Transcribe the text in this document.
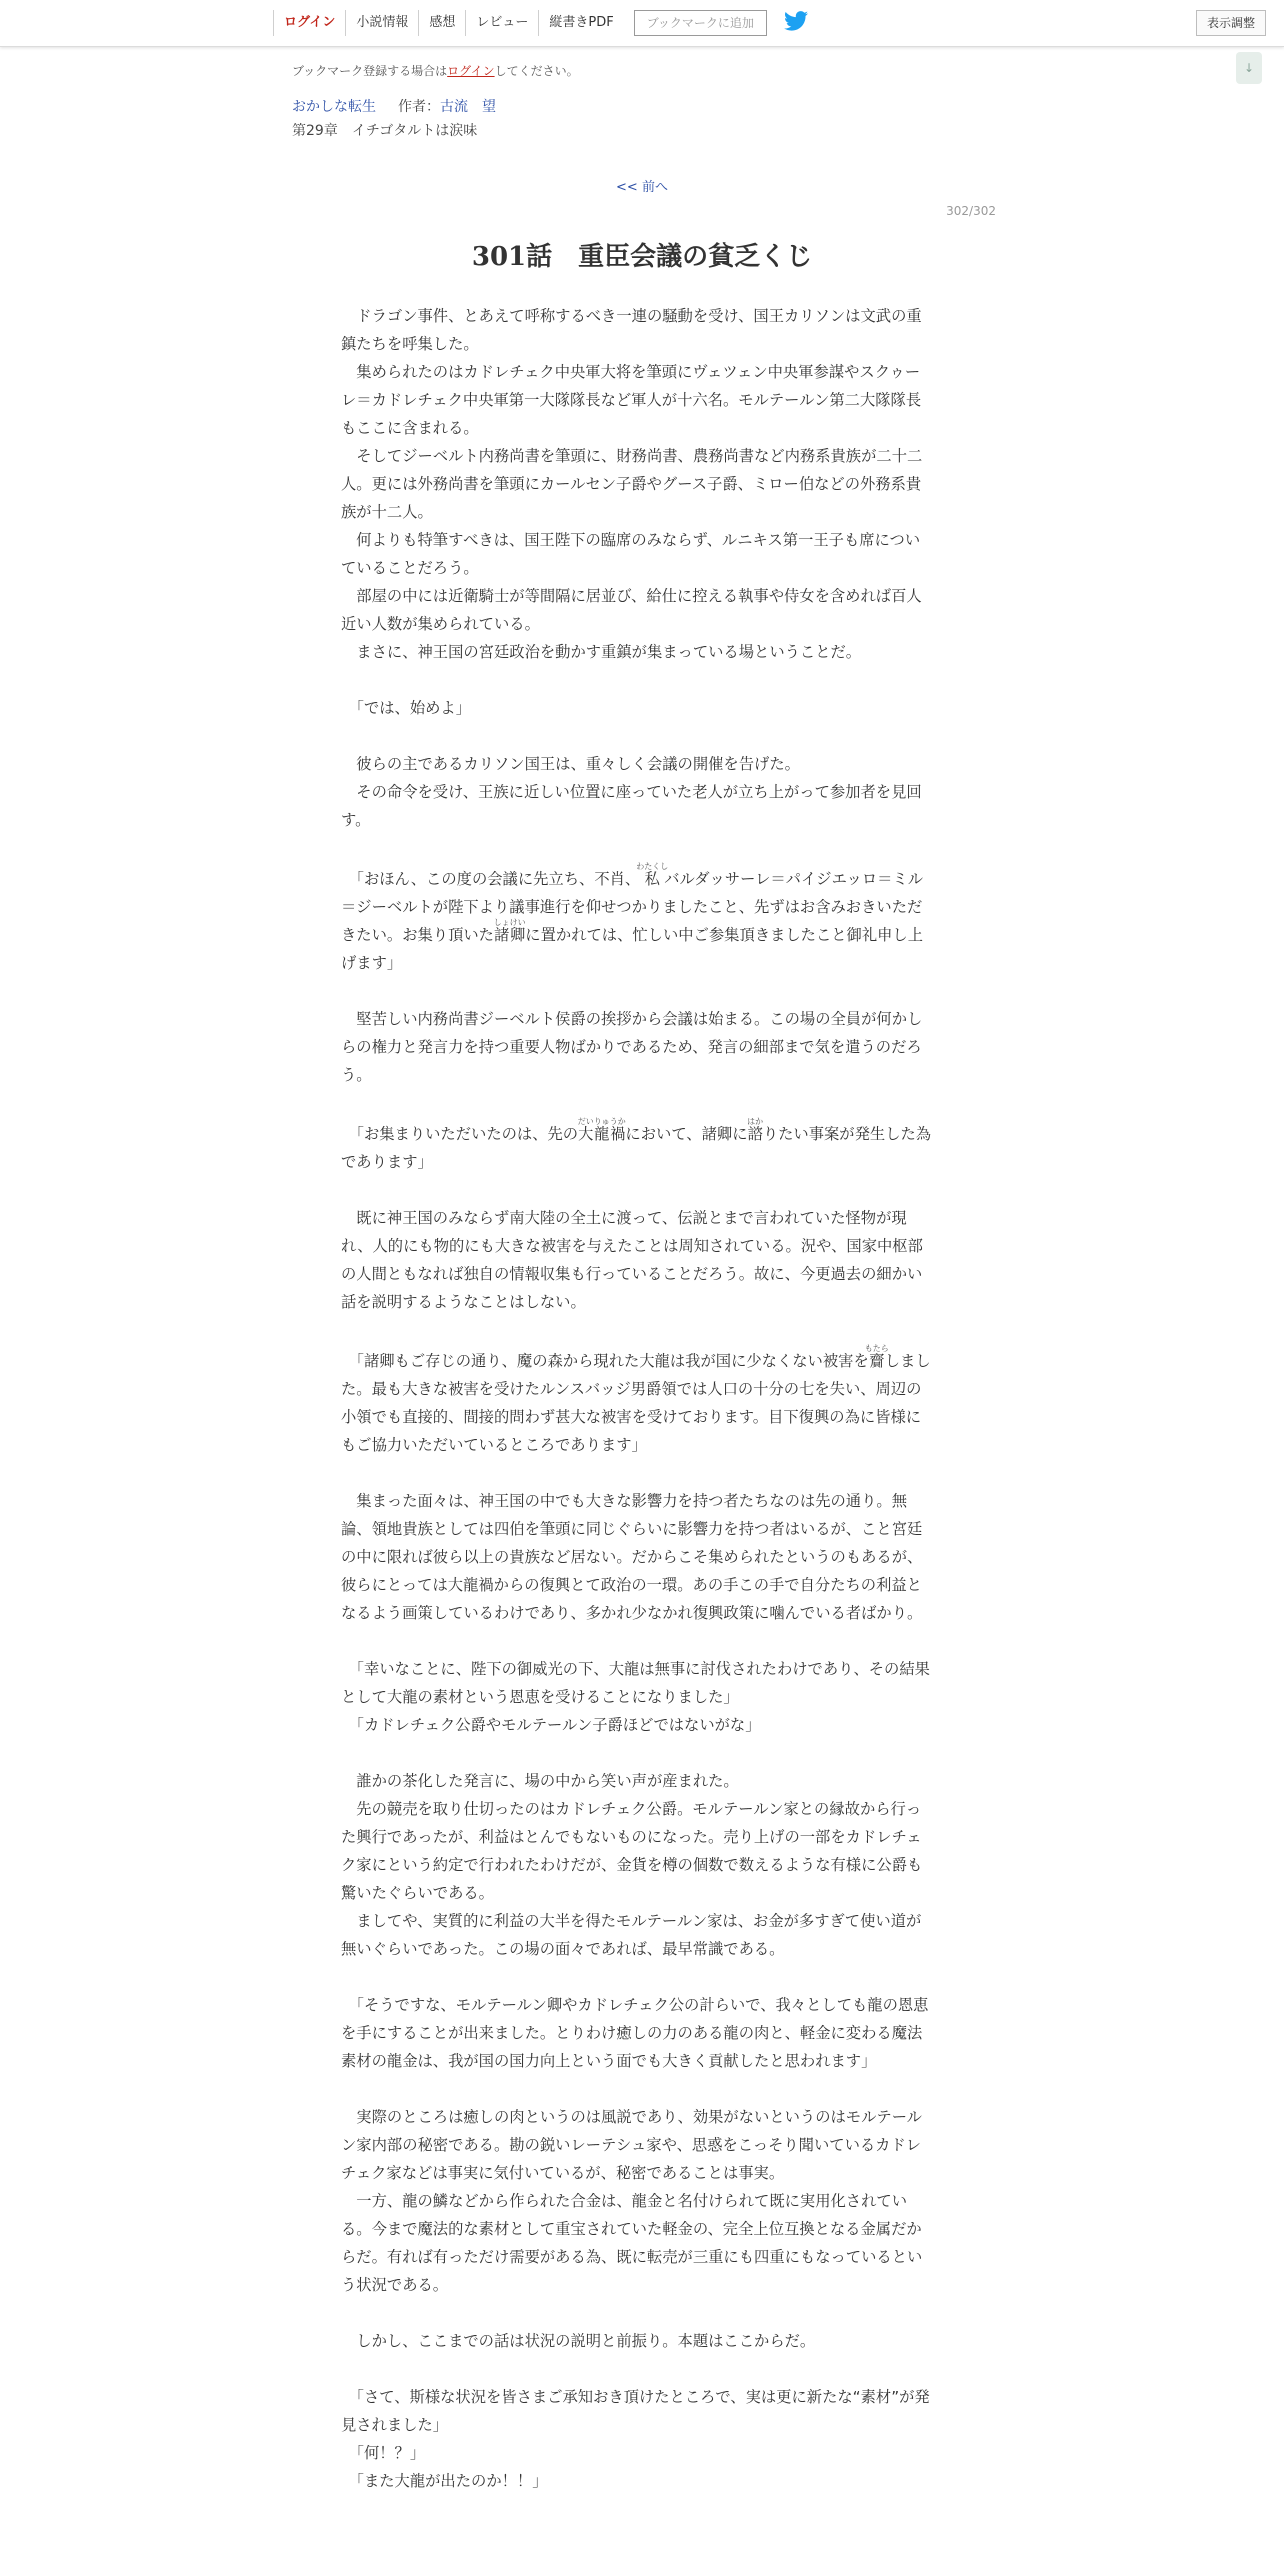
ログイン	小説情報	感想	レビュー	縦書きPDF	ブックマークに追加	表示調整
↓
ブックマーク登録する場合はログインしてください。
おかしな転生 作者：古流　望
第29章　イチゴタルトは涙味
<< 前へ
302/302
301話　重臣会議の貧乏くじ

　ドラゴン事件、とあえて呼称するべき一連の騒動を受け、国王カリソンは文武の重鎮たちを呼集した。

　集められたのはカドレチェク中央軍大将を筆頭にヴェツェン中央軍参謀やスクゥーレ＝カドレチェク中央軍第一大隊隊長など軍人が十六名。モルテールン第二大隊隊長もここに含まれる。

　そしてジーベルト内務尚書を筆頭に、財務尚書、農務尚書など内務系貴族が二十二人。更には外務尚書を筆頭にカールセン子爵やグース子爵、ミロー伯などの外務系貴族が十二人。

　何よりも特筆すべきは、国王陛下の臨席のみならず、ルニキス第一王子も席についていることだろう。

　部屋の中には近衛騎士が等間隔に居並び、給仕に控える執事や侍女を含めれば百人近い人数が集められている。

　まさに、神王国の宮廷政治を動かす重鎮が集まっている場ということだ。

　「では、始めよ」

　彼らの主であるカリソン国王は、重々しく会議の開催を告げた。

　その命令を受け、王族に近しい位置に座っていた老人が立ち上がって参加者を見回す。

　「おほん、この度の会議に先立ち、不肖、私わたくしバルダッサーレ＝パイジエッロ＝ミル＝ジーベルトが陛下より議事進行を仰せつかりましたこと、先ずはお含みおきいただきたい。お集り頂いた諸卿しょけいに置かれては、忙しい中ご参集頂きましたこと御礼申し上げます」

　堅苦しい内務尚書ジーベルト侯爵の挨拶から会議は始まる。この場の全員が何かしらの権力と発言力を持つ重要人物ばかりであるため、発言の細部まで気を遣うのだろう。

　「お集まりいただいたのは、先の大龍禍だいりゅうかにおいて、諸卿に諮はかりたい事案が発生した為であります」

　既に神王国のみならず南大陸の全土に渡って、伝説とまで言われていた怪物が現れ、人的にも物的にも大きな被害を与えたことは周知されている。況や、国家中枢部の人間ともなれば独自の情報収集も行っていることだろう。故に、今更過去の細かい話を説明するようなことはしない。

　「諸卿もご存じの通り、魔の森から現れた大龍は我が国に少なくない被害を齎もたらしました。最も大きな被害を受けたルンスバッジ男爵領では人口の十分の七を失い、周辺の小領でも直接的、間接的問わず甚大な被害を受けております。目下復興の為に皆様にもご協力いただいているところであります」

　集まった面々は、神王国の中でも大きな影響力を持つ者たちなのは先の通り。無論、領地貴族としては四伯を筆頭に同じぐらいに影響力を持つ者はいるが、こと宮廷の中に限れば彼ら以上の貴族など居ない。だからこそ集められたというのもあるが、彼らにとっては大龍禍からの復興とて政治の一環。あの手この手で自分たちの利益となるよう画策しているわけであり、多かれ少なかれ復興政策に噛んでいる者ばかり。

　「幸いなことに、陛下の御威光の下、大龍は無事に討伐されたわけであり、その結果として大龍の素材という恩恵を受けることになりました」

　「カドレチェク公爵やモルテールン子爵ほどではないがな」

　誰かの茶化した発言に、場の中から笑い声が産まれた。

　先の競売を取り仕切ったのはカドレチェク公爵。モルテールン家との縁故から行った興行であったが、利益はとんでもないものになった。売り上げの一部をカドレチェク家にという約定で行われたわけだが、金貨を樽の個数で数えるような有様に公爵も驚いたぐらいである。

　ましてや、実質的に利益の大半を得たモルテールン家は、お金が多すぎて使い道が無いぐらいであった。この場の面々であれば、最早常識である。

　「そうですな、モルテールン卿やカドレチェク公の計らいで、我々としても龍の恩恵を手にすることが出来ました。とりわけ癒しの力のある龍の肉と、軽金に変わる魔法素材の龍金は、我が国の国力向上という面でも大きく貢献したと思われます」

　実際のところは癒しの肉というのは風説であり、効果がないというのはモルテールン家内部の秘密である。勘の鋭いレーテシュ家や、思惑をこっそり聞いているカドレチェク家などは事実に気付いているが、秘密であることは事実。

　一方、龍の鱗などから作られた合金は、龍金と名付けられて既に実用化されている。今まで魔法的な素材として重宝されていた軽金の、完全上位互換となる金属だからだ。有れば有っただけ需要がある為、既に転売が三重にも四重にもなっているという状況である。

　しかし、ここまでの話は状況の説明と前振り。本題はここからだ。

　「さて、斯様な状況を皆さまご承知おき頂けたところで、実は更に新たな“素材”が発見されました」

　「何！？」

　「また大龍が出たのか！！」
